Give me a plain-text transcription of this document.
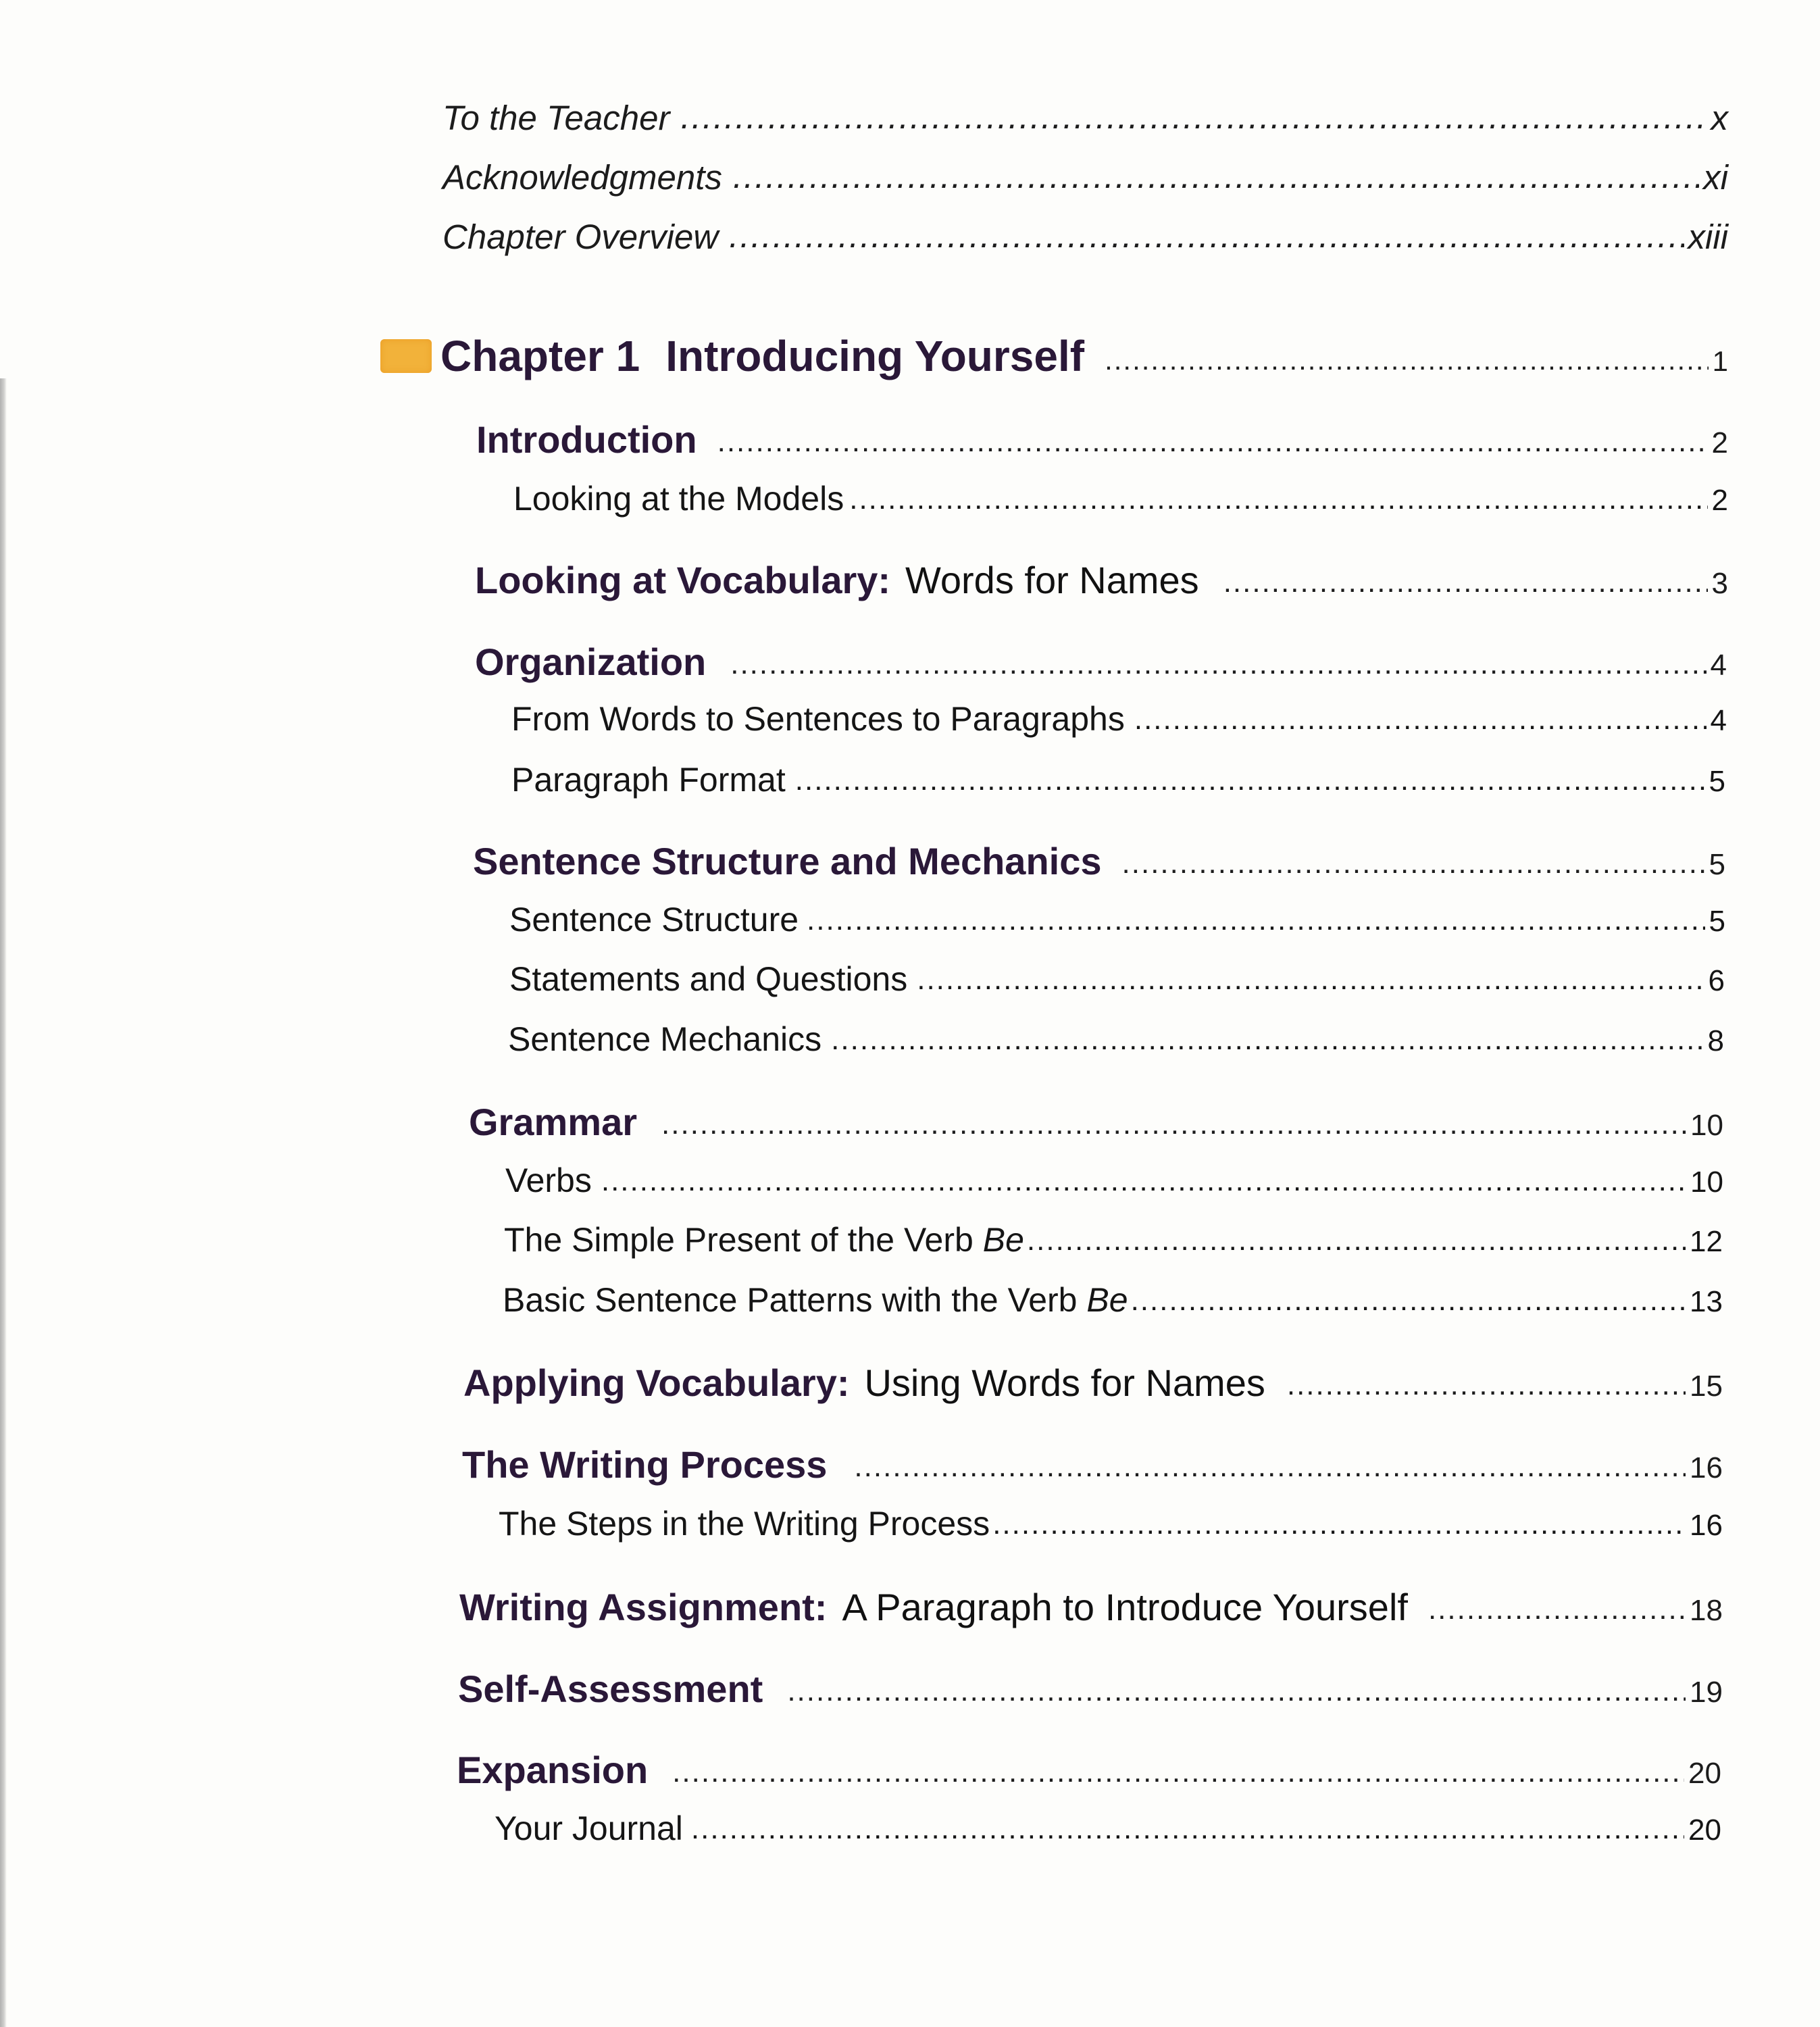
To the Teacher .....	x
Acknowledgments .....	xi
Chapter Overview .....	xiii
Chapter 1 Introducing Yourself .....	1
Introduction .....	2
Looking at the Models .....	2
Looking at Vocabulary: Words for Names .....	3
Organization .....	4
From Words to Sentences to Paragraphs .....	4
Paragraph Format .....	5
Sentence Structure and Mechanics .....	5
Sentence Structure .....	5
Statements and Questions .....	6
Sentence Mechanics .....	8
Grammar .....	10
Verbs .....	10
The Simple Present of the Verb Be .....	12
Basic Sentence Patterns with the Verb Be .....	13
Applying Vocabulary: Using Words for Names .....	15
The Writing Process .....	16
The Steps in the Writing Process .....	16
Writing Assignment: A Paragraph to Introduce Yourself .....	18
Self-Assessment .....	19
Expansion .....	20
Your Journal .....	20
